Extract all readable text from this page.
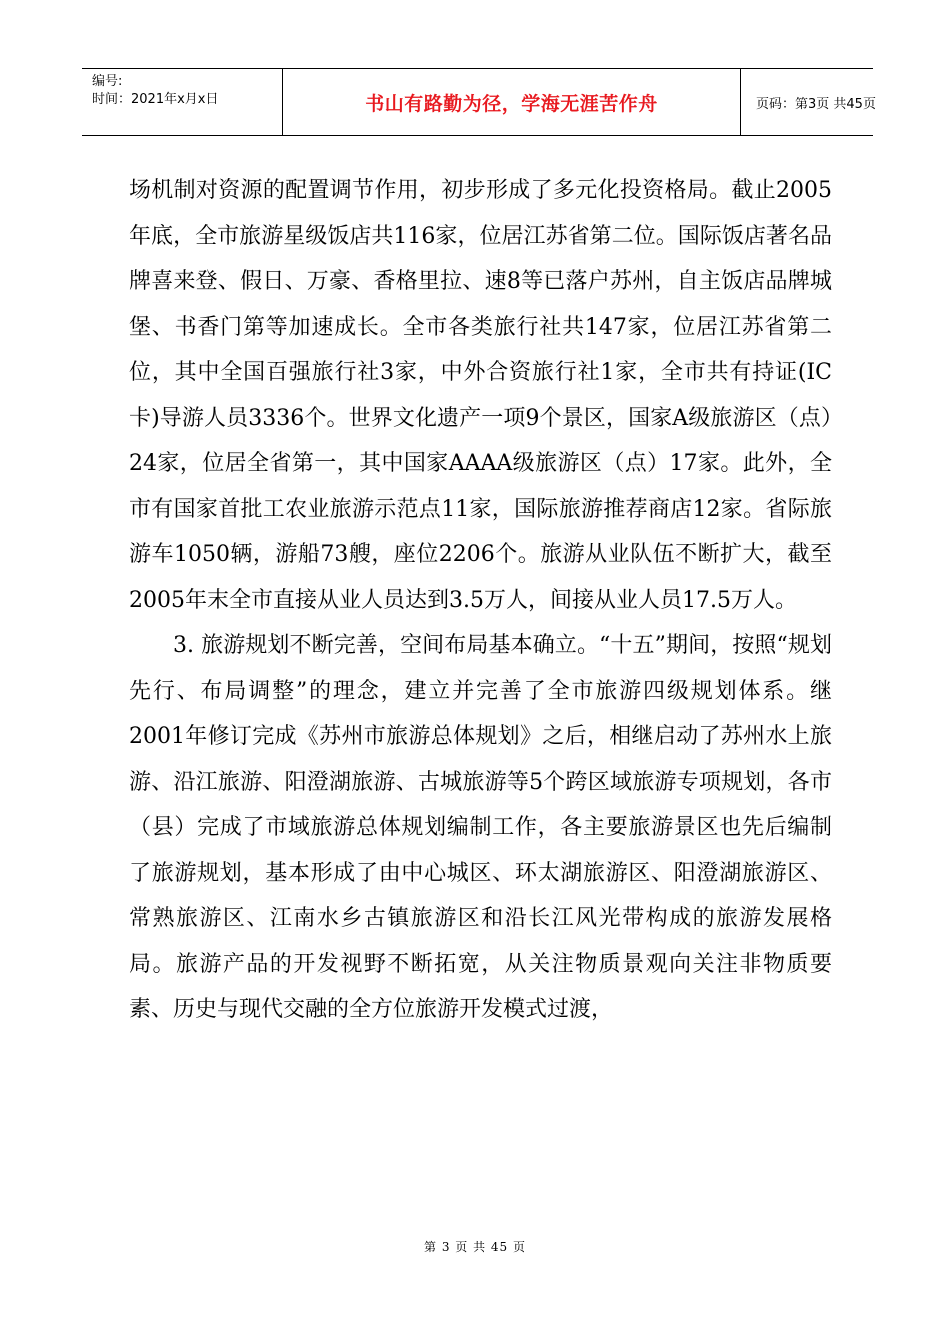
编号:
时间：2021年x月x日	书山有路勤为径，学海无涯苦作舟	页码：第3页 共45页

场机制对资源的配置调节作用，初步形成了多元化投资格局。截止2005年底，全市旅游星级饭店共116家，位居江苏省第二位。国际饭店著名品牌喜来登、假日、万豪、香格里拉、速8等已落户苏州，自主饭店品牌城堡、书香门第等加速成长。全市各类旅行社共147家，位居江苏省第二位，其中全国百强旅行社3家，中外合资旅行社1家，全市共有持证(IC卡)导游人员3336个。世界文化遗产一项9个景区，国家A级旅游区（点）24家，位居全省第一，其中国家AAAA级旅游区（点）17家。此外，全市有国家首批工农业旅游示范点11家，国际旅游推荐商店12家。省际旅游车1050辆，游船73艘，座位2206个。旅游从业队伍不断扩大，截至2005年末全市直接从业人员达到3.5万人，间接从业人员17.5万人。

3. 旅游规划不断完善，空间布局基本确立。“十五”期间，按照“规划先行、布局调整”的理念，建立并完善了全市旅游四级规划体系。继2001年修订完成《苏州市旅游总体规划》之后，相继启动了苏州水上旅游、沿江旅游、阳澄湖旅游、古城旅游等5个跨区域旅游专项规划，各市（县）完成了市域旅游总体规划编制工作，各主要旅游景区也先后编制了旅游规划，基本形成了由中心城区、环太湖旅游区、阳澄湖旅游区、常熟旅游区、江南水乡古镇旅游区和沿长江风光带构成的旅游发展格局。旅游产品的开发视野不断拓宽，从关注物质景观向关注非物质要素、历史与现代交融的全方位旅游开发模式过渡，

第 3 页 共 45 页
